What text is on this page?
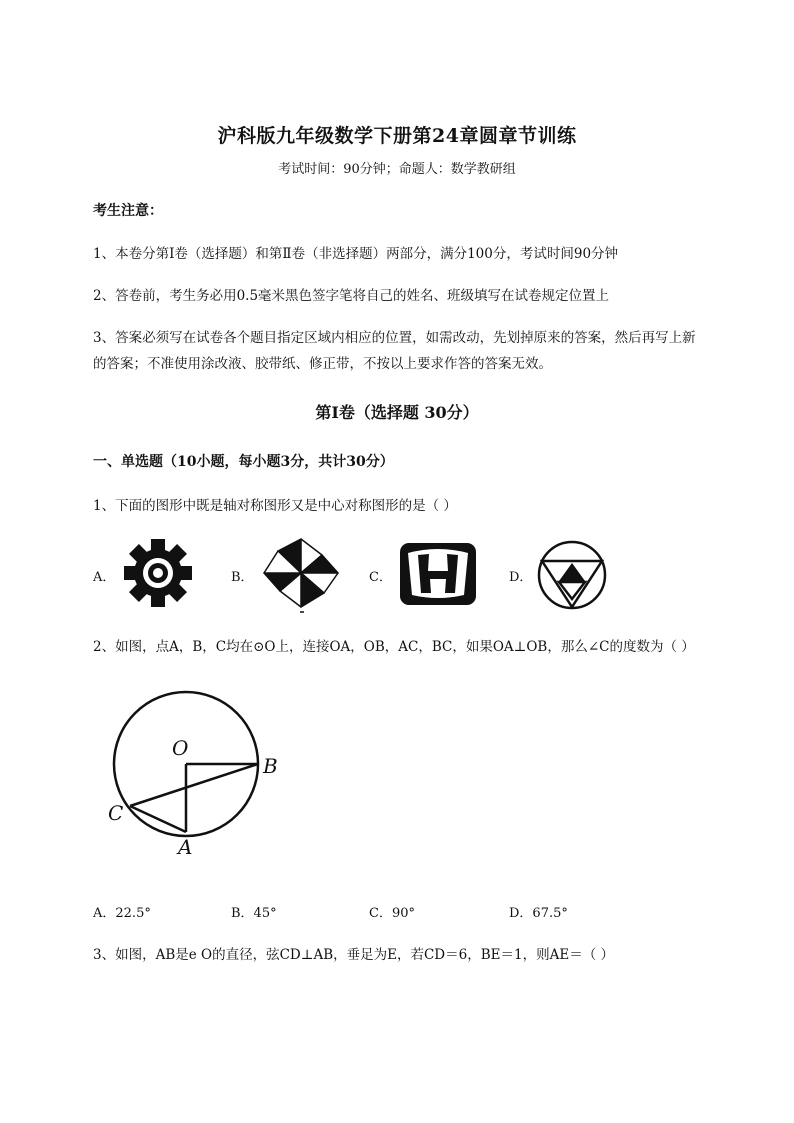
沪科版九年级数学下册第24章圆章节训练
考试时间：90分钟；命题人：数学教研组
考生注意：
1、本卷分第I卷（选择题）和第Ⅱ卷（非选择题）两部分，满分100分，考试时间90分钟
2、答卷前，考生务必用0.5毫米黑色签字笔将自己的姓名、班级填写在试卷规定位置上
3、答案必须写在试卷各个题目指定区域内相应的位置，如需改动，先划掉原来的答案，然后再写上新
的答案；不准使用涂改液、胶带纸、修正带，不按以上要求作答的答案无效。
第I卷（选择题 30分）
一、单选题（10小题，每小题3分，共计30分）
1、下面的图形中既是轴对称图形又是中心对称图形的是（ ）
A．	B．	C．	D．
2、如图，点A，B，C均在⊙O上，连接OA，OB，AC，BC，如果OA⊥OB，那么∠C的度数为（ ）
O
B
C
A
A．22.5°	B．45°	C．90°	D．67.5°
3、如图，AB是e O的直径，弦CD⊥AB，垂足为E，若CD＝6，BE＝1，则AE＝（ ）
